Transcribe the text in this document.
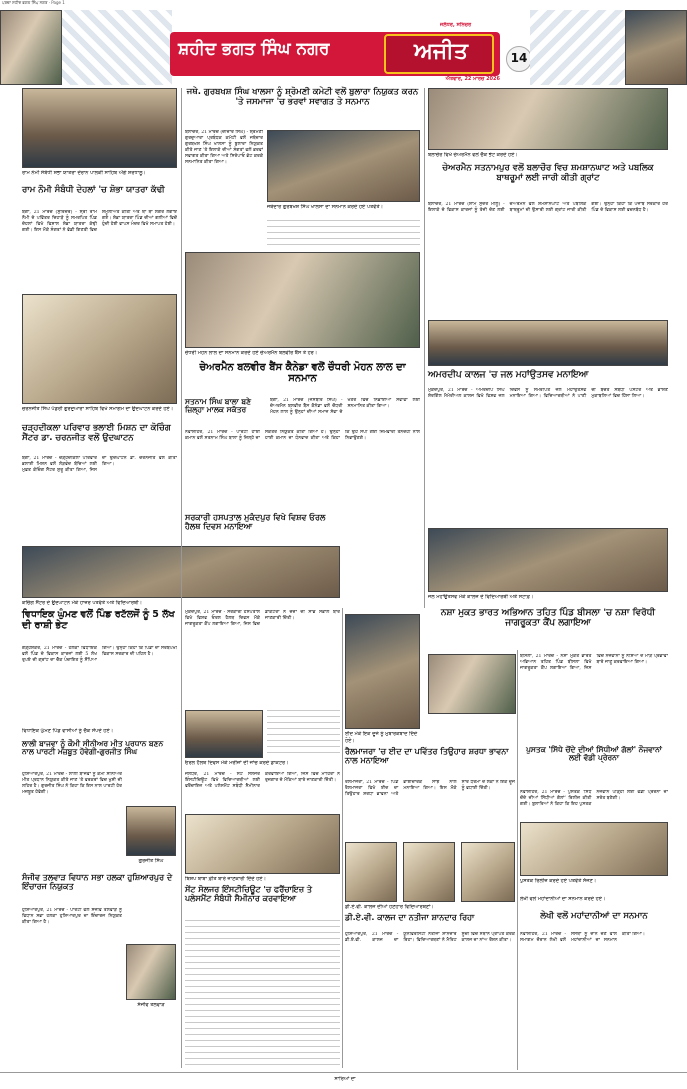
ਪਰਚਾ ਸ਼ਹੀਦ ਭਗਤ ਸਿੰਘ ਨਗਰ · Page 1
ਸ਼ਹੀਦ ਭਗਤ ਸਿੰਘ ਨਗਰ	ਅਜੀਤ
ਜਲੰਧਰ, ਸਨਿਚਰ
ਐਤਵਾਰ, 22 ਮਾਰਚ 2026
14
ਰਾਮ ਨੌਮੀ ਸੰਬੰਧੀ ਸ਼ੋਭਾ ਯਾਤਰਾ ਦੌਰਾਨ ਪਾਲਕੀ ਸਾਹਿਬ ਅੱਗੇ ਸ਼ਰਧਾਲੂ।
ਰਾਮ ਨੌਮੀ ਸੰਬੰਧੀ ਦੇਹਲਾਂ 'ਚ ਸ਼ੋਭਾ ਯਾਤਰਾ ਕੱਢੀ
ਬੰਗਾ, 21 ਮਾਰਚ (ਸੁਰਿੰਦਰ) - ਸ੍ਰੀ ਰਾਮ ਨੌਮੀ ਦੇ ਪਵਿੱਤਰ ਦਿਹਾੜੇ ਨੂੰ ਸਮਰਪਿਤ ਪਿੰਡ ਦੇਹਲਾਂ ਵਿਖੇ ਵਿਸ਼ਾਲ ਸ਼ੋਭਾ ਯਾਤਰਾ ਕੱਢੀ ਗਈ। ਇਸ ਮੌਕੇ ਸੰਗਤਾਂ ਨੇ ਵੱਡੀ ਗਿਣਤੀ ਵਿਚ ਸ਼ਮੂਲੀਅਤ ਕੀਤੀ ਅਤੇ ਥਾਂ ਥਾਂ ਲੰਗਰ ਲਗਾਏ ਗਏ। ਸ਼ੋਭਾ ਯਾਤਰਾ ਪਿੰਡ ਦੀਆਂ ਗਲੀਆਂ ਵਿਚੋਂ ਹੁੰਦੀ ਹੋਈ ਵਾਪਸ ਮੰਦਰ ਵਿਖੇ ਸਮਾਪਤ ਹੋਈ।
ਚਰਨਜੀਤ ਸਿੰਘ ਪੰਡੋਰੀ ਗੁਰਦੁਆਰਾ ਸਾਹਿਬ ਵਿਖੇ ਸਮਾਗਮ ਦਾ ਉਦਘਾਟਨ ਕਰਦੇ ਹੋਏ।
ਚੜ੍ਹਦੀਕਲਾ ਪਰਿਵਾਰ ਭਲਾਈ ਮਿਸ਼ਨ ਦਾ ਕੋਚਿੰਗ ਸੈਂਟਰ ਡਾ. ਚਰਨਜੀਤ ਵਲੋਂ ਉਦਘਾਟਨ
ਬੰਗਾ, 21 ਮਾਰਚ - ਚੜ੍ਹਦੀਕਲਾ ਪਰਿਵਾਰ ਭਲਾਈ ਮਿਸ਼ਨ ਵਲੋਂ ਲੋੜਵੰਦ ਬੱਚਿਆਂ ਲਈ ਮੁਫ਼ਤ ਕੋਚਿੰਗ ਸੈਂਟਰ ਸ਼ੁਰੂ ਕੀਤਾ ਗਿਆ, ਜਿਸ ਦਾ ਉਦਘਾਟਨ ਡਾ. ਚਰਨਜੀਤ ਵਲੋਂ ਕੀਤਾ ਗਿਆ।
ਕੋਚਿੰਗ ਸੈਂਟਰ ਦੇ ਉਦਘਾਟਨ ਮੌਕੇ ਹਾਜ਼ਰ ਪਤਵੰਤੇ ਅਤੇ ਵਿਦਿਆਰਥੀ।
ਵਿਧਾਇਕ ਘੁੰਮਣ ਵਲੋਂ ਪਿੰਡ ਰਟੱਲਜੋਂ ਨੂੰ 5 ਲੱਖ ਦੀ ਰਾਸ਼ੀ ਭੇਟ
ਗੜ੍ਹਸ਼ੰਕਰ, 21 ਮਾਰਚ - ਹਲਕਾ ਵਿਧਾਇਕ ਵਲੋਂ ਪਿੰਡ ਦੇ ਵਿਕਾਸ ਕਾਰਜਾਂ ਲਈ 5 ਲੱਖ ਰੁਪਏ ਦੀ ਗ੍ਰਾਂਟ ਦਾ ਚੈੱਕ ਪੰਚਾਇਤ ਨੂੰ ਸੌਂਪਿਆ ਗਿਆ। ਉਨ੍ਹਾਂ ਕਿਹਾ ਕਿ ਪਿੰਡਾਂ ਦਾ ਸਰਬਪੱਖੀ ਵਿਕਾਸ ਸਰਕਾਰ ਦੀ ਪਹਿਲ ਹੈ।
ਵਿਧਾਇਕ ਘੁੰਮਣ ਪਿੰਡ ਵਾਸੀਆਂ ਨੂੰ ਚੈੱਕ ਸੌਂਪਦੇ ਹੋਏ।
ਲਾਲੀ ਬਾਜਵਾ ਨੂੰ ਕੌਮੀ ਸੀਨੀਅਰ ਮੀਤ ਪ੍ਰਧਾਨ ਬਣਨ ਨਾਲ ਪਾਰਟੀ ਮਜ਼ਬੂਤ ਹੋਵੇਗੀ-ਗੁਰਜੀਤ ਸਿੰਘ
ਹੁਸ਼ਿਆਰਪੁਰ, 21 ਮਾਰਚ - ਲਾਲੀ ਬਾਜਵਾ ਨੂੰ ਕੌਮੀ ਸੀਨੀਅਰ ਮੀਤ ਪ੍ਰਧਾਨ ਨਿਯੁਕਤ ਕੀਤੇ ਜਾਣ 'ਤੇ ਵਰਕਰਾਂ ਵਿਚ ਖੁਸ਼ੀ ਦੀ ਲਹਿਰ ਹੈ। ਗੁਰਜੀਤ ਸਿੰਘ ਨੇ ਕਿਹਾ ਕਿ ਇਸ ਨਾਲ ਪਾਰਟੀ ਹੋਰ ਮਜ਼ਬੂਤ ਹੋਵੇਗੀ।
ਗੁਰਜੀਤ ਸਿੰਘ
ਸੰਜੀਵ ਤਲਵਾੜ ਵਿਧਾਨ ਸਭਾ ਹਲਕਾ ਹੁਸ਼ਿਆਰਪੁਰ ਦੇ ਇੰਚਾਰਜ ਨਿਯੁਕਤ
ਹੁਸ਼ਿਆਰਪੁਰ, 21 ਮਾਰਚ - ਪਾਰਟੀ ਵਲੋਂ ਸੰਜੀਵ ਤਲਵਾੜ ਨੂੰ ਵਿਧਾਨ ਸਭਾ ਹਲਕਾ ਹੁਸ਼ਿਆਰਪੁਰ ਦਾ ਇੰਚਾਰਜ ਨਿਯੁਕਤ ਕੀਤਾ ਗਿਆ ਹੈ।
ਸੰਜੀਵ ਤਲਵਾੜ
ਜਥੇ. ਗੁਰਬਖਸ਼ ਸਿੰਘ ਖਾਲਸਾ ਨੂੰ ਸ਼੍ਰੋਮਣੀ ਕਮੇਟੀ ਵਲੋਂ ਬੁਲਾਰਾ ਨਿਯੁਕਤ ਕਰਨ 'ਤੇ ਜਸਮਾਜਾ 'ਚ ਭਰਵਾਂ ਸਵਾਗਤ ਤੇ ਸਨਮਾਨ
ਬਲਾਚੌਰ, 21 ਮਾਰਚ (ਦੀਦਾਰ ਸਿੰਘ) - ਸ਼੍ਰੋਮਣੀ ਗੁਰਦੁਆਰਾ ਪ੍ਰਬੰਧਕ ਕਮੇਟੀ ਵਲੋਂ ਜਥੇਦਾਰ ਗੁਰਬਖਸ਼ ਸਿੰਘ ਖਾਲਸਾ ਨੂੰ ਬੁਲਾਰਾ ਨਿਯੁਕਤ ਕੀਤੇ ਜਾਣ 'ਤੇ ਇਲਾਕੇ ਦੀਆਂ ਸੰਗਤਾਂ ਵਲੋਂ ਭਰਵਾਂ ਸਵਾਗਤ ਕੀਤਾ ਗਿਆ ਅਤੇ ਸਿਰੋਪਾਓ ਭੇਟ ਕਰਕੇ ਸਨਮਾਨਿਤ ਕੀਤਾ ਗਿਆ।
ਜਥੇਦਾਰ ਗੁਰਬਖਸ਼ ਸਿੰਘ ਖਾਲਸਾ ਦਾ ਸਨਮਾਨ ਕਰਦੇ ਹੋਏ ਪਤਵੰਤੇ।
ਚੌਧਰੀ ਮੋਹਨ ਲਾਲ ਦਾ ਸਨਮਾਨ ਕਰਦੇ ਹੋਏ ਚੇਅਰਮੈਨ ਬਲਵੀਰ ਬੈਂਸ ਤੇ ਹੋਰ।
ਚੇਅਰਮੈਨ ਬਲਵੀਰ ਬੈਂਸ ਕੈਨੇਡਾ ਵਲੋਂ ਚੌਧਰੀ ਮੋਹਨ ਲਾਲ ਦਾ ਸਨਮਾਨ
ਬੰਗਾ, 21 ਮਾਰਚ (ਜਸਬੀਰ ਸਿੰਘ) - ਚੇਅਰਮੈਨ ਬਲਵੀਰ ਬੈਂਸ ਕੈਨੇਡਾ ਵਲੋਂ ਚੌਧਰੀ ਮੋਹਨ ਲਾਲ ਨੂੰ ਉਨ੍ਹਾਂ ਦੀਆਂ ਸਮਾਜ ਸੇਵਾ ਦੇ ਖੇਤਰ ਵਿਚ ਨਿਭਾਈਆਂ ਸੇਵਾਵਾਂ ਲਈ ਸਨਮਾਨਿਤ ਕੀਤਾ ਗਿਆ।
ਸਤਨਾਮ ਸਿੰਘ ਬਾਲਾ ਬਣੇ ਜ਼ਿਲ੍ਹਾ ਮਾਲਕ ਸਕੱਤਰ
ਨਵਾਂਸ਼ਹਿਰ, 21 ਮਾਰਚ - ਪਾਰਟੀ ਹਾਈ ਕਮਾਨ ਵਲੋਂ ਸਤਨਾਮ ਸਿੰਘ ਬਾਲਾ ਨੂੰ ਜ਼ਿਲ੍ਹੇ ਦਾ ਸਕੱਤਰ ਨਿਯੁਕਤ ਕੀਤਾ ਗਿਆ ਹੈ। ਉਨ੍ਹਾਂ ਹਾਈ ਕਮਾਨ ਦਾ ਧੰਨਵਾਦ ਕੀਤਾ ਅਤੇ ਕਿਹਾ ਕਿ ਉਹ ਸੌਂਪੀ ਗਈ ਜ਼ਿੰਮੇਵਾਰੀ ਤਨਦੇਹੀ ਨਾਲ ਨਿਭਾਉਣਗੇ।
ਸਰਕਾਰੀ ਹਸਪਤਾਲ ਮੁਕੰਦਪੁਰ ਵਿਖੇ ਵਿਸ਼ਵ ਓਰਲ ਹੈਲਥ ਦਿਵਸ ਮਨਾਇਆ
ਮੁਕੰਦਪੁਰ, 21 ਮਾਰਚ - ਸਰਕਾਰੀ ਹਸਪਤਾਲ ਵਿਖੇ ਵਿਸ਼ਵ ਓਰਲ ਹੈਲਥ ਦਿਵਸ ਮੌਕੇ ਜਾਗਰੂਕਤਾ ਕੈਂਪ ਲਗਾਇਆ ਗਿਆ, ਜਿਸ ਵਿਚ ਡਾਕਟਰਾਂ ਨੇ ਦੰਦਾਂ ਦੀ ਸਾਂਭ ਸੰਭਾਲ ਬਾਰੇ ਜਾਣਕਾਰੀ ਦਿੱਤੀ।
ਓਰਲ ਹੈਲਥ ਦਿਵਸ ਮੌਕੇ ਮਰੀਜ਼ਾਂ ਦੀ ਜਾਂਚ ਕਰਦੇ ਡਾਕਟਰ।
ਜਲੰਧਰ, 21 ਮਾਰਚ - ਸੇਂਟ ਸੋਲਜਰ ਇੰਸਟੀਚਿਊਟ ਵਿਖੇ ਵਿਦਿਆਰਥੀਆਂ ਲਈ ਫਰੈਂਚਾਇਜ਼ ਅਤੇ ਪਲੇਸਮੈਂਟ ਸਬੰਧੀ ਸੈਮੀਨਾਰ ਕਰਵਾਇਆ ਗਿਆ, ਜਿਸ ਵਿਚ ਮਾਹਿਰਾਂ ਨੇ ਰੁਜ਼ਗਾਰ ਦੇ ਮੌਕਿਆਂ ਬਾਰੇ ਜਾਣਕਾਰੀ ਦਿੱਤੀ।
ਬਿਸ਼ਪ ਬਾਬਾ ਫ਼ੀਤ ਬਾਰੇ ਜਾਣਕਾਰੀ ਦਿੰਦੇ ਹੋਏ।
ਸੇਂਟ ਸੋਲਜਰ ਇੰਸਟੀਚਿਊਟ 'ਚ ਫਰੈਂਚਾਇਜ਼ ਤੇ ਪਲੇਸਮੈਂਟ ਸੰਬੰਧੀ ਸੈਮੀਨਾਰ ਕਰਵਾਇਆ
ਈਦ ਮੌਕੇ ਇਕ ਦੂਜੇ ਨੂੰ ਮੁਬਾਰਕਬਾਦ ਦਿੰਦੇ ਹੋਏ।
ਰੈਲਮਾਜਰਾ 'ਚ ਈਦ ਦਾ ਪਵਿੱਤਰ ਤਿਉਹਾਰ ਸ਼ਰਧਾ ਭਾਵਨਾ ਨਾਲ ਮਨਾਇਆ
ਰੈਲਮਾਜਰਾ, 21 ਮਾਰਚ - ਪਿੰਡ ਰੈਲਮਾਜਰਾ ਵਿਖੇ ਈਦ ਦਾ ਤਿਉਹਾਰ ਸ਼ਰਧਾ ਭਾਵਨਾ ਅਤੇ ਭਾਈਚਾਰਕ ਸਾਂਝ ਨਾਲ ਮਨਾਇਆ ਗਿਆ। ਇਸ ਮੌਕੇ ਸਾਰੇ ਧਰਮਾਂ ਦੇ ਲੋਕਾਂ ਨੇ ਇਕ ਦੂਜੇ ਨੂੰ ਵਧਾਈ ਦਿੱਤੀ।
ਡੀ.ਏ.ਵੀ. ਕਾਲਜ ਦੀਆਂ ਹੋਣਹਾਰ ਵਿਦਿਆਰਥਣਾਂ।
ਡੀ.ਏ.ਵੀ. ਕਾਲਜ ਦਾ ਨਤੀਜਾ ਸ਼ਾਨਦਾਰ ਰਿਹਾ
ਹੁਸ਼ਿਆਰਪੁਰ, 21 ਮਾਰਚ - ਡੀ.ਏ.ਵੀ. ਕਾਲਜ ਦਾ ਯੂਨੀਵਰਸਿਟੀ ਨਤੀਜਾ ਸ਼ਾਨਦਾਰ ਰਿਹਾ। ਵਿਦਿਆਰਥਣਾਂ ਨੇ ਮੈਰਿਟ ਸੂਚੀ ਵਿਚ ਸਥਾਨ ਪ੍ਰਾਪਤ ਕਰਕੇ ਕਾਲਜ ਦਾ ਨਾਂਅ ਰੌਸ਼ਨ ਕੀਤਾ।
ਬਲਾਚੌਰ ਵਿਖੇ ਚੇਅਰਮੈਨ ਵਲੋਂ ਚੈੱਕ ਭੇਟ ਕਰਦੇ ਹੋਏ।
ਚੇਅਰਮੈਨ ਸਤਨਾਮਪੁਰ ਵਲੋਂ ਬਲਾਚੌਰ ਵਿਚ ਸ਼ਮਸ਼ਾਨਘਾਟ ਅਤੇ ਪਬਲਿਕ ਬਾਥਰੂਮਾਂ ਲਈ ਜਾਰੀ ਕੀਤੀ ਗ੍ਰਾਂਟ
ਬਲਾਚੌਰ, 21 ਮਾਰਚ (ਸ਼ਾਮ ਸੁੰਦਰ ਮੀਲੂ) - ਇਲਾਕੇ ਦੇ ਵਿਕਾਸ ਕਾਰਜਾਂ ਨੂੰ ਤੇਜ਼ੀ ਦੇਣ ਲਈ ਚੇਅਰਮੈਨ ਵਲੋਂ ਸ਼ਮਸ਼ਾਨਘਾਟ ਅਤੇ ਪਬਲਿਕ ਬਾਥਰੂਮਾਂ ਦੀ ਉਸਾਰੀ ਲਈ ਗ੍ਰਾਂਟ ਜਾਰੀ ਕੀਤੀ ਗਈ। ਉਨ੍ਹਾਂ ਕਿਹਾ ਕਿ ਪੰਜਾਬ ਸਰਕਾਰ ਹਰ ਪਿੰਡ ਦੇ ਵਿਕਾਸ ਲਈ ਵਚਨਬੱਧ ਹੈ।
ਅਮਰਦੀਪ ਕਾਲਜ 'ਚ ਜਲ ਮਹਾਂਉਤਸਵ ਮਨਾਇਆ
ਮੁਕੰਦਪੁਰ, 21 ਮਾਰਚ - ਅਮਰਦੀਪ ਸਿੰਘ ਸ਼ੇਰਗਿੱਲ ਮੈਮੋਰੀਅਲ ਕਾਲਜ ਵਿਖੇ ਵਿਸ਼ਵ ਜਲ ਦਿਵਸ ਨੂੰ ਸਮਰਪਿਤ ਜਲ ਮਹਾਂਉਤਸਵ ਮਨਾਇਆ ਗਿਆ। ਵਿਦਿਆਰਥੀਆਂ ਨੇ ਪਾਣੀ ਦੀ ਬੱਚਤ ਸਬੰਧੀ ਪੋਸਟਰ ਅਤੇ ਭਾਸ਼ਣ ਮੁਕਾਬਲਿਆਂ ਵਿਚ ਹਿੱਸਾ ਲਿਆ।
ਜਲ ਮਹਾਂਉਤਸਵ ਮੌਕੇ ਕਾਲਜ ਦੇ ਵਿਦਿਆਰਥੀ ਅਤੇ ਸਟਾਫ਼।
ਨਸ਼ਾ ਮੁਕਤ ਭਾਰਤ ਅਭਿਆਨ ਤਹਿਤ ਪਿੰਡ ਬੀਸਲਾ 'ਚ ਨਸ਼ਾ ਵਿਰੋਧੀ ਜਾਗਰੂਕਤਾ ਕੈਂਪ ਲਗਾਇਆ
ਬੀਸਲਾ, 21 ਮਾਰਚ - ਨਸ਼ਾ ਮੁਕਤ ਭਾਰਤ ਅਭਿਆਨ ਤਹਿਤ ਪਿੰਡ ਬੀਸਲਾ ਵਿਖੇ ਜਾਗਰੂਕਤਾ ਕੈਂਪ ਲਗਾਇਆ ਗਿਆ, ਜਿਸ ਵਿਚ ਨੌਜਵਾਨਾਂ ਨੂੰ ਨਸ਼ਿਆਂ ਦੇ ਮਾੜੇ ਪ੍ਰਭਾਵਾਂ ਬਾਰੇ ਜਾਣੂ ਕਰਵਾਇਆ ਗਿਆ।
ਪੁਸਤਕ 'ਸਿੱਧੇ ਚੋਂਦੇ ਦੀਆਂ ਸਿੱਧੀਆਂ ਗੱਲਾਂ' ਨੌਜਵਾਨਾਂ ਲਈ ਵੱਡੀ ਪ੍ਰੇਰਨਾ
ਨਵਾਂਸ਼ਹਿਰ, 21 ਮਾਰਚ - ਪੁਸਤਕ 'ਸਿੱਧੇ ਚੋਂਦੇ ਦੀਆਂ ਸਿੱਧੀਆਂ ਗੱਲਾਂ' ਰਿਲੀਜ਼ ਕੀਤੀ ਗਈ। ਬੁਲਾਰਿਆਂ ਨੇ ਕਿਹਾ ਕਿ ਇਹ ਪੁਸਤਕ ਨੌਜਵਾਨ ਪੀੜ੍ਹੀ ਲਈ ਵੱਡੀ ਪ੍ਰੇਰਨਾ ਦਾ ਸਰੋਤ ਬਣੇਗੀ।
ਪੁਸਤਕ ਰਿਲੀਜ਼ ਕਰਦੇ ਹੋਏ ਪਤਵੰਤੇ ਸੱਜਣ।
ਲੇਖੀ ਵਲੋਂ ਮਹਾਂਦਾਨੀਆਂ ਦਾ ਸਨਮਾਨ ਕਰਦੇ ਹੋਏ।
ਲੇਖੀ ਵਲੋਂ ਮਹਾਂਦਾਨੀਆਂ ਦਾ ਸਨਮਾਨ
ਨਵਾਂਸ਼ਹਿਰ, 21 ਮਾਰਚ - ਸਮਾਗਮ ਦੌਰਾਨ ਲੇਖੀ ਵਲੋਂ ਸੰਸਥਾ ਨੂੰ ਦਾਨ ਦੇਣ ਵਾਲੇ ਮਹਾਂਦਾਨੀਆਂ ਦਾ ਸਨਮਾਨ ਕੀਤਾ ਗਿਆ।
ਸਾਰਿਆਂ ਦਾ
